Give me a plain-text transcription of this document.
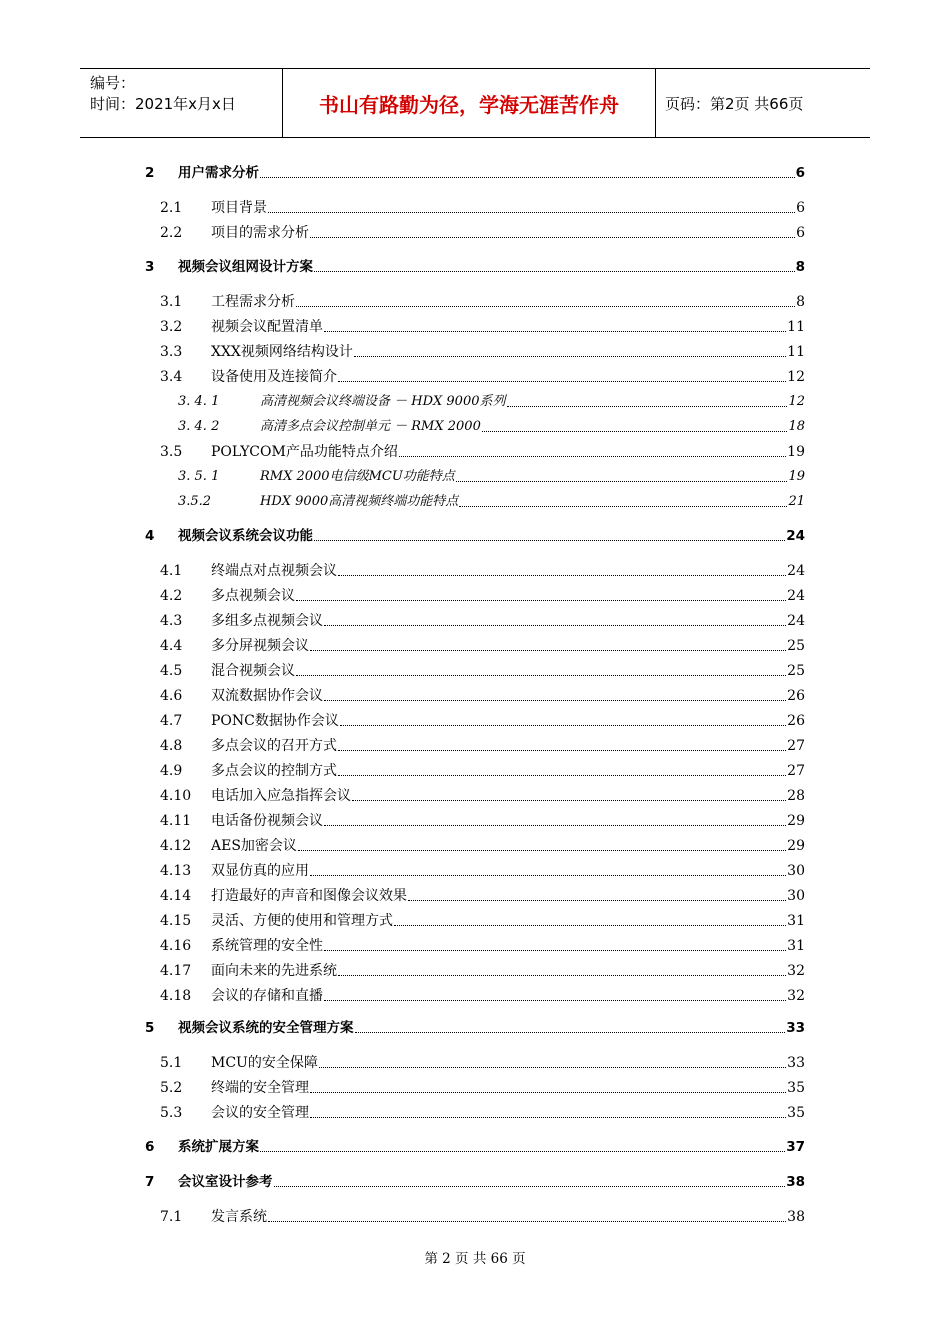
编号：
时间：2021年x月x日	书山有路勤为径，学海无涯苦作舟	页码：第2页 共66页
2	用户需求分析	6
2.1	项目背景	6
2.2	项目的需求分析	6
3	视频会议组网设计方案	8
3.1	工程需求分析	8
3.2	视频会议配置清单	11
3.3	XXX视频网络结构设计	11
3.4	设备使用及连接简介	12
3. 4. 1	高清视频会议终端设备 － HDX 9000系列	12
3. 4. 2	高清多点会议控制单元 － RMX 2000	18
3.5	POLYCOM产品功能特点介绍	19
3. 5. 1	RMX 2000电信级MCU功能特点	19
3.5.2	HDX 9000高清视频终端功能特点	21
4	视频会议系统会议功能	24
4.1	终端点对点视频会议	24
4.2	多点视频会议	24
4.3	多组多点视频会议	24
4.4	多分屏视频会议	25
4.5	混合视频会议	25
4.6	双流数据协作会议	26
4.7	PONC数据协作会议	26
4.8	多点会议的召开方式	27
4.9	多点会议的控制方式	27
4.10	电话加入应急指挥会议	28
4.11	电话备份视频会议	29
4.12	AES加密会议	29
4.13	双显仿真的应用	30
4.14	打造最好的声音和图像会议效果	30
4.15	灵活、方便的使用和管理方式	31
4.16	系统管理的安全性	31
4.17	面向未来的先进系统	32
4.18	会议的存储和直播	32
5	视频会议系统的安全管理方案	33
5.1	MCU的安全保障	33
5.2	终端的安全管理	35
5.3	会议的安全管理	35
6	系统扩展方案	37
7	会议室设计参考	38
7.1	发言系统	38
第 2 页 共 66 页
